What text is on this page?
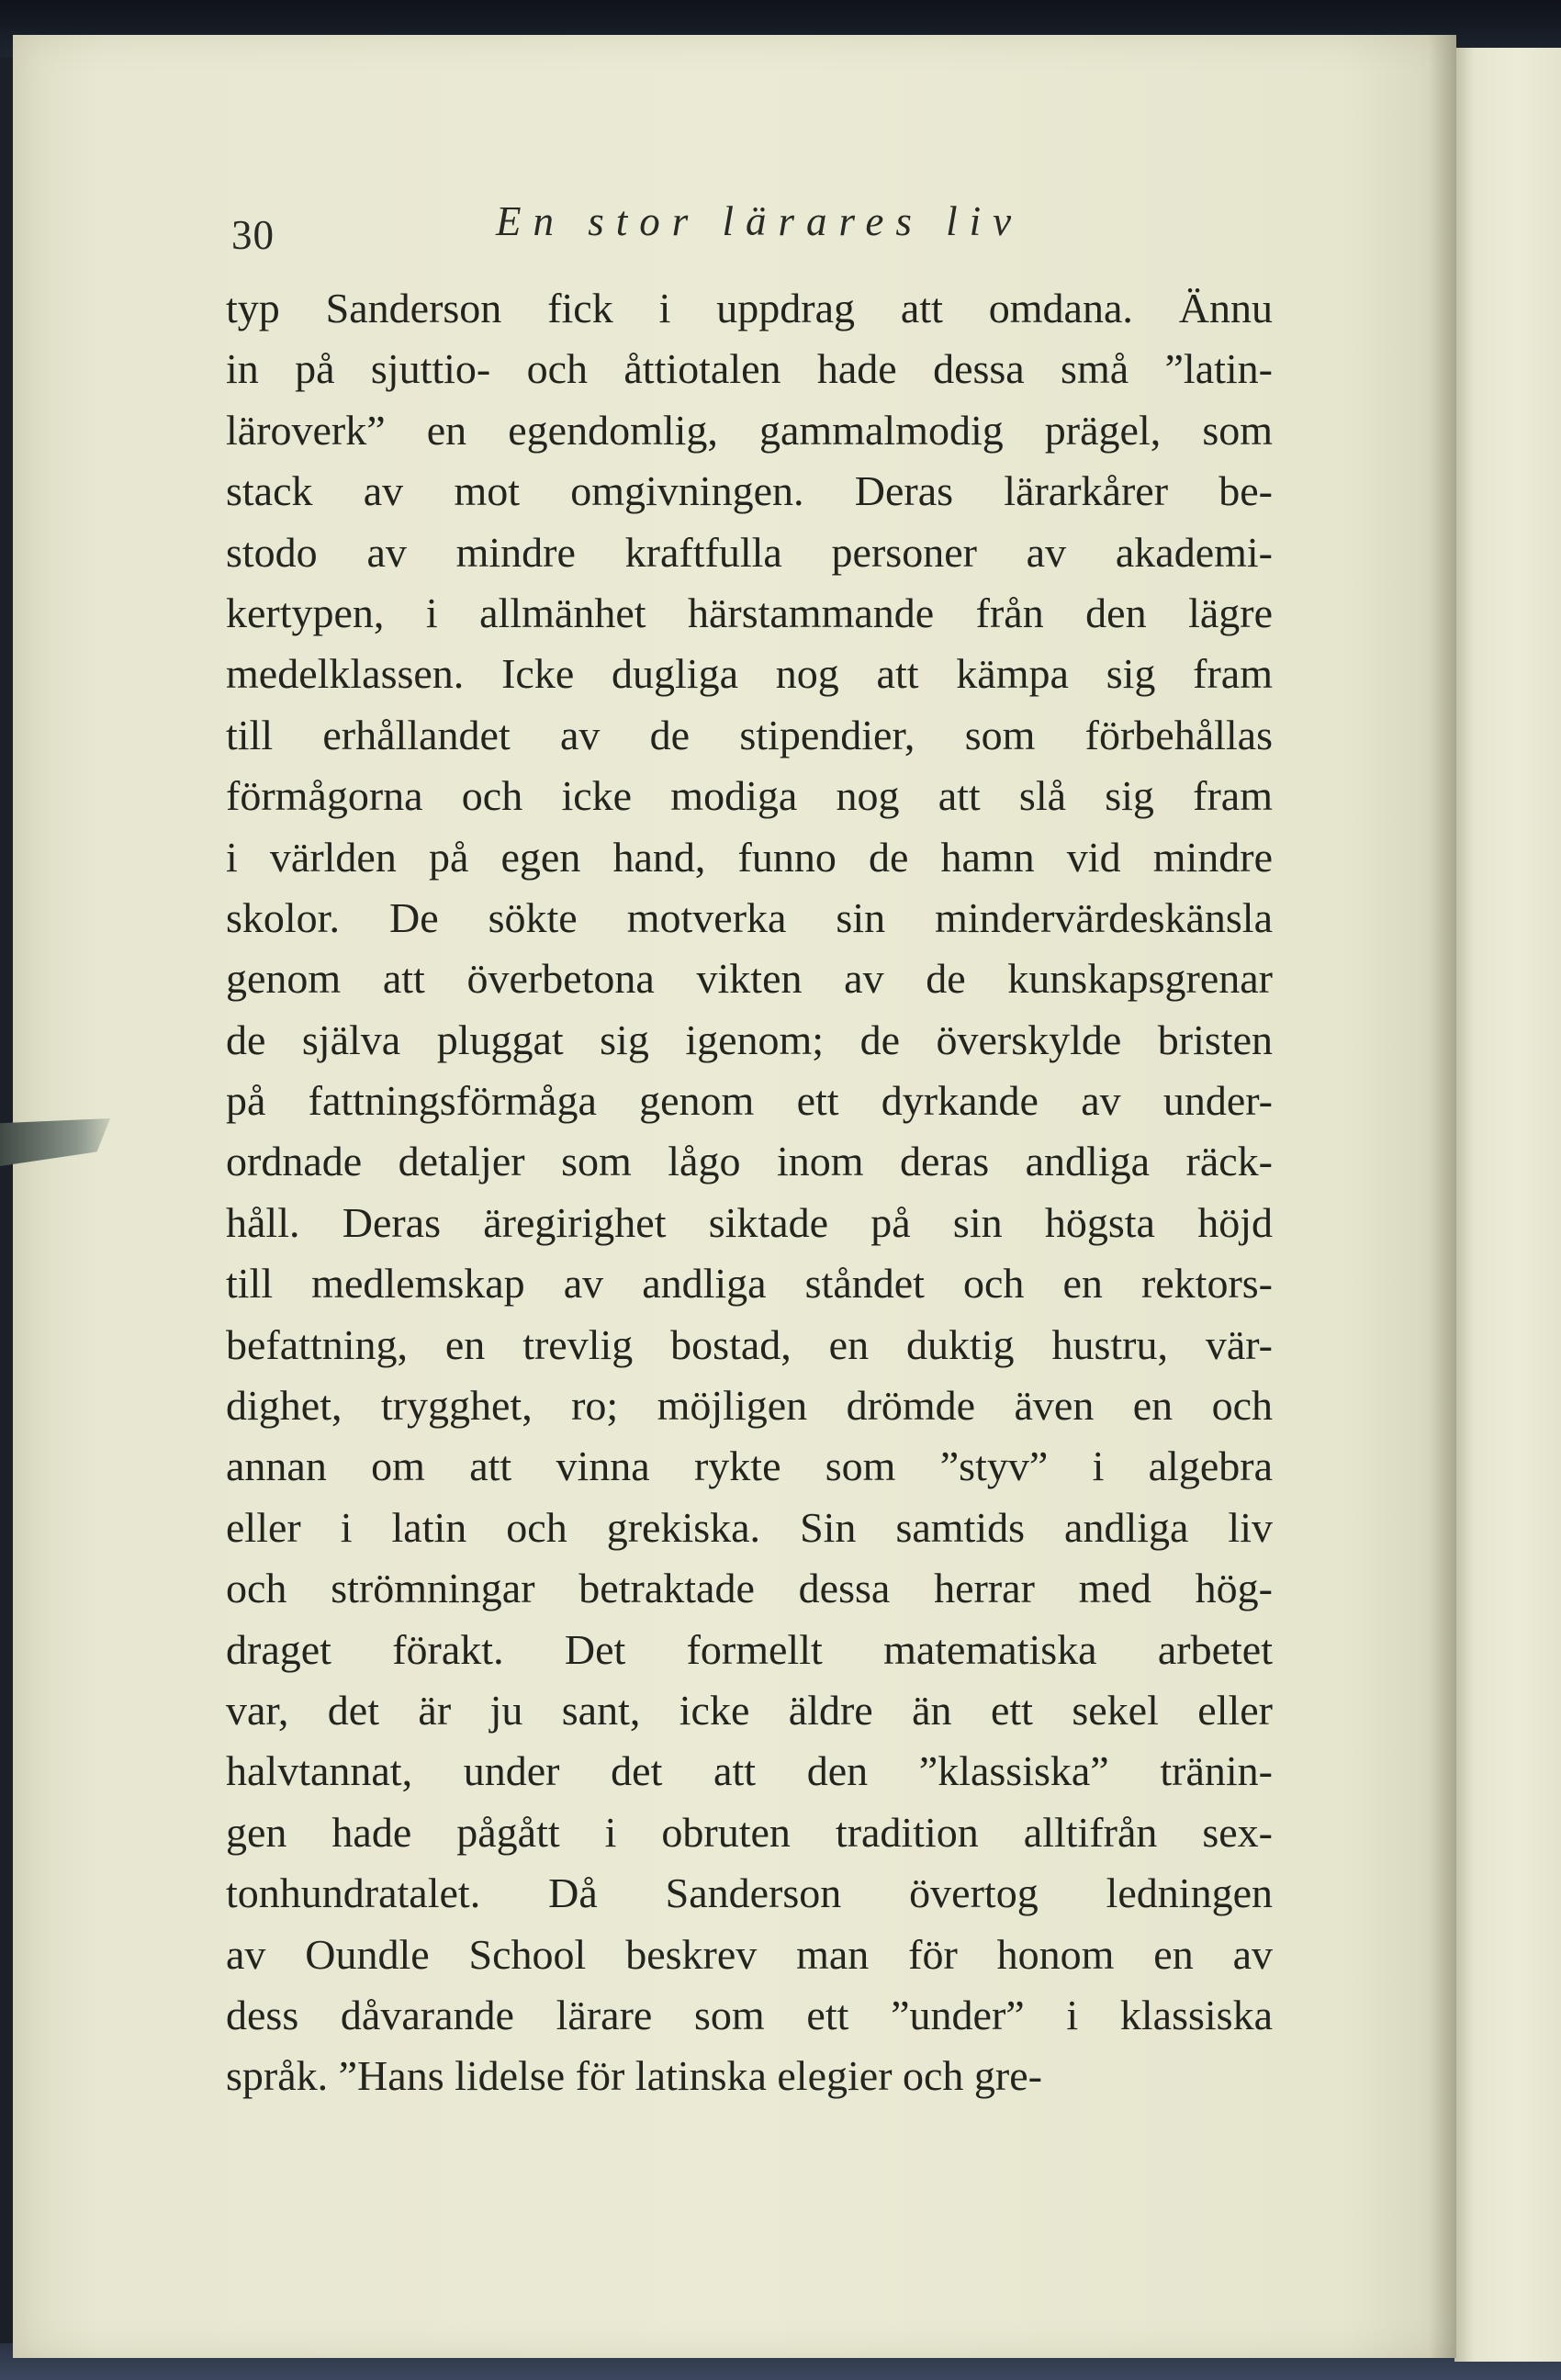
30	En stor lärares liv
typ Sanderson fick i uppdrag att omdana. Ännu
in på sjuttio- och åttiotalen hade dessa små ”latin-
läroverk” en egendomlig, gammalmodig prägel, som
stack av mot omgivningen. Deras lärarkårer be-
stodo av mindre kraftfulla personer av akademi-
kertypen, i allmänhet härstammande från den lägre
medelklassen. Icke dugliga nog att kämpa sig fram
till erhållandet av de stipendier, som förbehållas
förmågorna och icke modiga nog att slå sig fram
i världen på egen hand, funno de hamn vid mindre
skolor. De sökte motverka sin mindervärdeskänsla
genom att överbetona vikten av de kunskapsgrenar
de själva pluggat sig igenom; de överskylde bristen
på fattningsförmåga genom ett dyrkande av under-
ordnade detaljer som lågo inom deras andliga räck-
håll. Deras äregirighet siktade på sin högsta höjd
till medlemskap av andliga ståndet och en rektors-
befattning, en trevlig bostad, en duktig hustru, vär-
dighet, trygghet, ro; möjligen drömde även en och
annan om att vinna rykte som ”styv” i algebra
eller i latin och grekiska. Sin samtids andliga liv
och strömningar betraktade dessa herrar med hög-
draget förakt. Det formellt matematiska arbetet
var, det är ju sant, icke äldre än ett sekel eller
halvtannat, under det att den ”klassiska” tränin-
gen hade pågått i obruten tradition alltifrån sex-
tonhundratalet. Då Sanderson övertog ledningen
av Oundle School beskrev man för honom en av
dess dåvarande lärare som ett ”under” i klassiska
språk. ”Hans lidelse för latinska elegier och gre-
